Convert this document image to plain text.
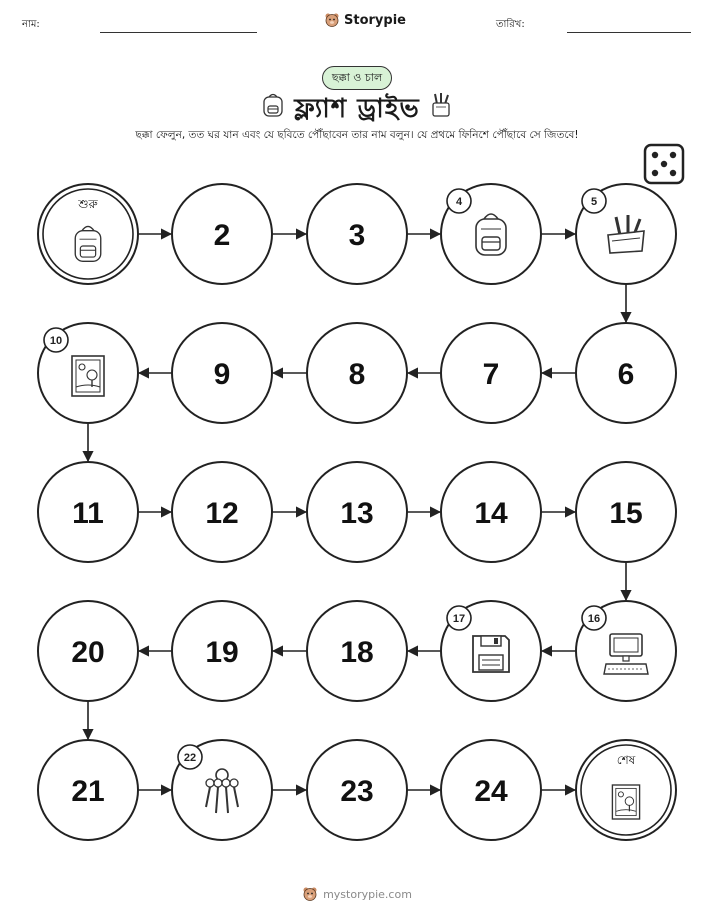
নাম:	Storypie	তারিখ:
ছক্কা ও চাল
ফ্ল্যাশ ড্রাইভ
ছক্কা ফেলুন, তত ঘর যান এবং যে ছবিতে পৌঁছাবেন তার নাম বলুন। যে প্রথমে ফিনিশে পৌঁছাবে সে জিতবে!
শুরু
2	3
4	5
6
7
8
9
10
11	12	13	14	15
16
17
18
19
20
21
22
23	24
শেষ
mystorypie.com
